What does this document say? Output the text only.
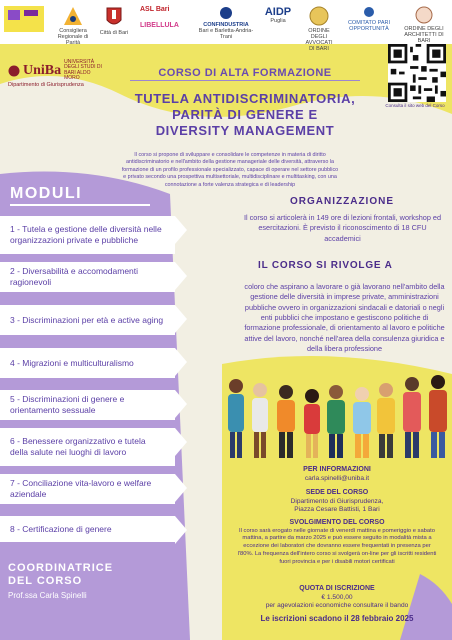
Consigliera Regionale di Parità
Città di Bari
ASL Bari
LIBELLULA	CONFINDUSTRIA
Bari e Barletta-Andria-Trani
AIDP
Puglia
ORDINE DEGLI AVVOCATI DI BARI
COMITATO PARI OPPORTUNITÀ	ORDINE DEGLI ARCHITETTI DI BARI
UniBa
UNIVERSITÀ DEGLI STUDI DI BARI ALDO MORO
Dipartimento di Giurisprudenza
CORSO DI ALTA FORMAZIONE
TUTELA ANTIDISCRIMINATORIA,
PARITÀ DI GENERE E
DIVERSITY MANAGEMENT
Consulta il sito web del Corso
Il corso si propone di sviluppare e consolidare le competenze in materia di diritto antidiscriminatorio e nell'ambito della gestione manageriale delle diversità, attraverso la formazione di un profilo professionale specializzato, capace di operare nel settore pubblico e privato secondo una prospettiva multisettoriale, multidisciplinare e multitasking, con una connotazione a forte valenza strategica e di leadership
MODULI
1 - Tutela e gestione delle diversità nelle organizzazioni private e pubbliche
2 - Diversabilità e accomodamenti ragionevoli
3 - Discriminazioni per età e active aging
4 - Migrazioni e multiculturalismo
5 - Discriminazioni di genere e orientamento sessuale
6 - Benessere organizzativo e tutela della salute nei luoghi di lavoro
7 - Conciliazione vita-lavoro e welfare aziendale
8 - Certificazione di genere
COORDINATRICE
DEL CORSO
Prof.ssa Carla Spinelli
ORGANIZZAZIONE
Il corso si articolerà in 149 ore di lezioni frontali, workshop ed esercitazioni. È previsto il riconoscimento di 18 CFU accademici
IL CORSO SI RIVOLGE A
coloro che aspirano a lavorare o già lavorano nell'ambito della gestione delle diversità in imprese private, amministrazioni pubbliche ovvero in organizzazioni sindacali e datoriali o negli enti pubblici che impostano e gestiscono politiche di formazione professionale, di orientamento al lavoro e politiche attive del lavoro, nonché nell'area della consulenza giuridica e della libera professione
PER INFORMAZIONI
carla.spinelli@uniba.it
SEDE DEL CORSO
Dipartimento di Giurisprudenza,
Piazza Cesare Battisti, 1 Bari
SVOLGIMENTO DEL CORSO
Il corso sarà erogato nelle giornate di venerdì mattina e pomeriggio e sabato mattina, a partire da marzo 2025 e può essere seguito in modalità mista a eccezione dei laboratori che dovranno essere frequentati in presenza per l'80%. La frequenza dell'intero corso si svolgerà on-line per gli iscritti residenti fuori provincia e per i disabili motori certificati
QUOTA DI ISCRIZIONE
€ 1.500,00
per agevolazioni economiche consultare il bando
Le iscrizioni scadono il 28 febbraio 2025
